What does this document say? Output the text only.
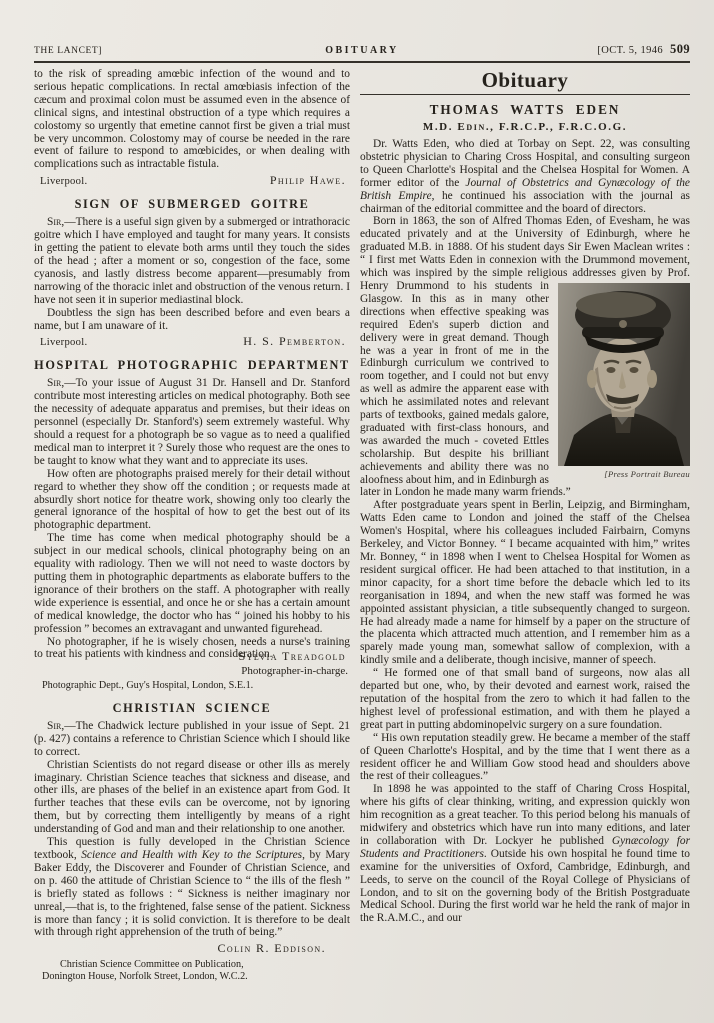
THE LANCET]	OBITUARY	[OCT. 5, 1946 509

to the risk of spreading amœbic infection of the wound and to serious hepatic complications. In rectal amœbiasis infection of the cæcum and proximal colon must be assumed even in the absence of clinical signs, and intestinal obstruction of a type which requires a colostomy so urgently that emetine cannot first be given a trial must be very uncommon. Colostomy may of course be needed in the rare event of failure to respond to amœbicides, or when dealing with complications such as intractable fistula.

Liverpool.	Philip Hawe.
SIGN OF SUBMERGED GOITRE

Sir,—There is a useful sign given by a submerged or intrathoracic goitre which I have employed and taught for many years. It consists in getting the patient to elevate both arms until they touch the sides of the head ; after a moment or so, congestion of the face, some cyanosis, and lastly distress become apparent—presumably from narrowing of the thoracic inlet and obstruction of the venous return. I have not seen it in superior mediastinal block.

Doubtless the sign has been described before and even bears a name, but I am unaware of it.

Liverpool.	H. S. Pemberton.
HOSPITAL PHOTOGRAPHIC DEPARTMENT

Sir,—To your issue of August 31 Dr. Hansell and Dr. Stanford contribute most interesting articles on medical photography. Both see the necessity of adequate apparatus and premises, but their ideas on personnel (especially Dr. Stanford's) seem extremely wasteful. Why should a request for a photograph be so vague as to need a qualified medical man to interpret it ? Surely those who request are the ones to be taught to know what they want and to appreciate its uses.

How often are photographs praised merely for their detail without regard to whether they show off the condition ; or requests made at absurdly short notice for theatre work, showing only too clearly the general ignorance of the hospital of how to get the best out of its photographic department.

The time has come when medical photography should be a subject in our medical schools, clinical photography being on an equality with radiology. Then we will not need to waste doctors by putting them in photographic departments as elaborate buffers to the ignorance of their brothers on the staff. A photographer with really wide experience is essential, and once he or she has a certain amount of medical knowledge, the doctor who has “ joined his hobby to his profession ” becomes an extravagant and unwanted figurehead.

No photographer, if he is wisely chosen, needs a nurse's training to treat his patients with kindness and consideration.

Sylvia Treadgold
Photographer-in-charge.
Photographic Dept., Guy's Hospital, London, S.E.1.
CHRISTIAN SCIENCE

Sir,—The Chadwick lecture published in your issue of Sept. 21 (p. 427) contains a reference to Christian Science which I should like to correct.

Christian Scientists do not regard disease or other ills as merely imaginary. Christian Science teaches that sickness and disease, and other ills, are phases of the belief in an existence apart from God. It further teaches that these evils can be overcome, not by ignoring them, but by correcting them intelligently by means of a right understanding of God and man and their relationship to one another.

This question is fully developed in the Christian Science textbook, Science and Health with Key to the Scriptures, by Mary Baker Eddy, the Discoverer and Founder of Christian Science, and on p. 460 the attitude of Christian Science to “ the ills of the flesh ” is briefly stated as follows : “ Sickness is neither imaginary nor unreal,—that is, to the frightened, false sense of the patient. Sickness is more than fancy ; it is solid conviction. It is therefore to be dealt with through right apprehension of the truth of being.”

Colin R. Eddison.
Christian Science Committee on Publication,
Donington House, Norfolk Street, London, W.C.2.
Obituary
THOMAS WATTS EDEN
M.D. Edin., F.R.C.P., F.R.C.O.G.

Dr. Watts Eden, who died at Torbay on Sept. 22, was consulting obstetric physician to Charing Cross Hospital, and consulting surgeon to Queen Charlotte's Hospital and the Chelsea Hospital for Women. A former editor of the Journal of Obstetrics and Gynæcology of the British Empire, he continued his association with the journal as chairman of the editorial committee and the board of directors.

Born in 1863, the son of Alfred Thomas Eden, of Evesham, he was educated privately and at the University of Edinburgh, where he graduated M.B. in 1888. Of his student days Sir Ewen Maclean writes : “ I first met Watts Eden in connexion with the Drummond movement, which was inspired by the simple religious
[Press Portrait Bureau
addresses given by Prof. Henry Drummond to his students in Glasgow. In this as in many other directions when effective speaking was required Eden's superb diction and delivery were in great demand. Though he was a year in front of me in the Edinburgh curriculum we contrived to room together, and I could not but envy as well as admire the apparent ease with which he assimilated notes and relevant parts of textbooks, gained medals galore, graduated with first-class honours, and was awarded the much - coveted Ettles scholarship. But despite his brilliant achievements and ability there was no aloofness about him, and in Edinburgh as later in London he made many warm friends.”

After postgraduate years spent in Berlin, Leipzig, and Birmingham, Watts Eden came to London and joined the staff of the Chelsea Women's Hospital, where his colleagues included Fairbairn, Comyns Berkeley, and Victor Bonney. “ I became acquainted with him,” writes Mr. Bonney, “ in 1898 when I went to Chelsea Hospital for Women as resident surgical officer. He had been attached to that institution, in a minor capacity, for a short time before the debacle which led to its reorganisation in 1894, and when the new staff was formed he was appointed assistant physician, a title subsequently changed to surgeon. He had already made a name for himself by a paper on the structure of the placenta which attracted much attention, and I remember him as a sparely made young man, somewhat sallow of complexion, with a kindly smile and a deliberate, though incisive, manner of speech.

“ He formed one of that small band of surgeons, now alas all departed but one, who, by their devoted and earnest work, raised the reputation of the hospital from the zero to which it had fallen to the highest level of professional estimation, and with them he played a great part in putting abdominopelvic surgery on a sure foundation.

“ His own reputation steadily grew. He became a member of the staff of Queen Charlotte's Hospital, and by the time that I went there as a resident officer he and William Gow stood head and shoulders above the rest of their colleagues.”

In 1898 he was appointed to the staff of Charing Cross Hospital, where his gifts of clear thinking, writing, and expression quickly won him recognition as a great teacher. To this period belong his manuals of midwifery and obstetrics which have run into many editions, and later in collaboration with Dr. Lockyer he published Gynæcology for Students and Practitioners. Outside his own hospital he found time to examine for the universities of Oxford, Cambridge, Edinburgh, and Leeds, to serve on the council of the Royal College of Physicians of London, and to sit on the governing body of the British Postgraduate Medical School. During the first world war he held the rank of major in the R.A.M.C., and our
